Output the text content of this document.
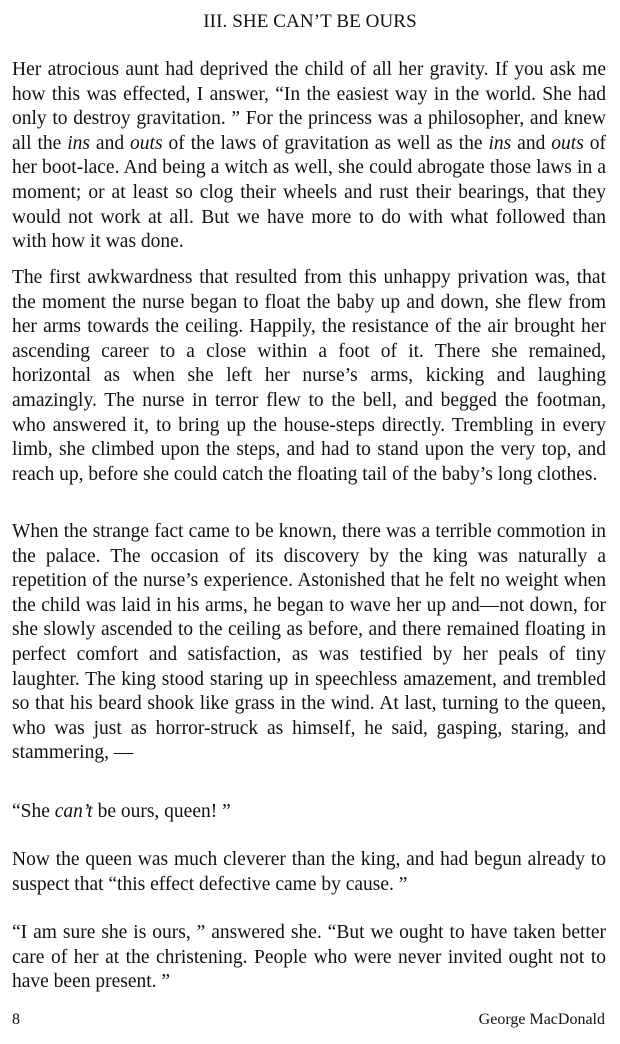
III. SHE CAN’T BE OURS

Her atrocious aunt had deprived the child of all her gravity. If you ask me how this was effected, I answer, “In the easiest way in the world. She had only to destroy gravitation. ” For the princess was a philosopher, and knew all the ins and outs of the laws of gravitation as well as the ins and outs of her boot-lace. And being a witch as well, she could abrogate those laws in a moment; or at least so clog their wheels and rust their bearings, that they would not work at all. But we have more to do with what followed than with how it was done.

The first awkwardness that resulted from this unhappy privation was, that the moment the nurse began to float the baby up and down, she flew from her arms towards the ceiling. Happily, the resistance of the air brought her ascending career to a close within a foot of it. There she remained, horizontal as when she left her nurse’s arms, kicking and laughing amazingly. The nurse in terror flew to the bell, and begged the footman, who answered it, to bring up the house-steps directly. Trembling in every limb, she climbed upon the steps, and had to stand upon the very top, and reach up, before she could catch the floating tail of the baby’s long clothes.

When the strange fact came to be known, there was a terrible commotion in the palace. The occasion of its discovery by the king was naturally a repetition of the nurse’s experience. Astonished that he felt no weight when the child was laid in his arms, he began to wave her up and—not down, for she slowly ascended to the ceiling as before, and there remained floating in perfect comfort and satisfaction, as was testified by her peals of tiny laughter. The king stood staring up in speechless amazement, and trembled so that his beard shook like grass in the wind. At last, turning to the queen, who was just as horror-struck as himself, he said, gasping, staring, and stammering, —

“She can’t be ours, queen! ”

Now the queen was much cleverer than the king, and had begun already to suspect that “this effect defective came by cause. ”

“I am sure she is ours, ” answered she. “But we ought to have taken better care of her at the christening. People who were never invited ought not to have been present. ”

8	George MacDonald
